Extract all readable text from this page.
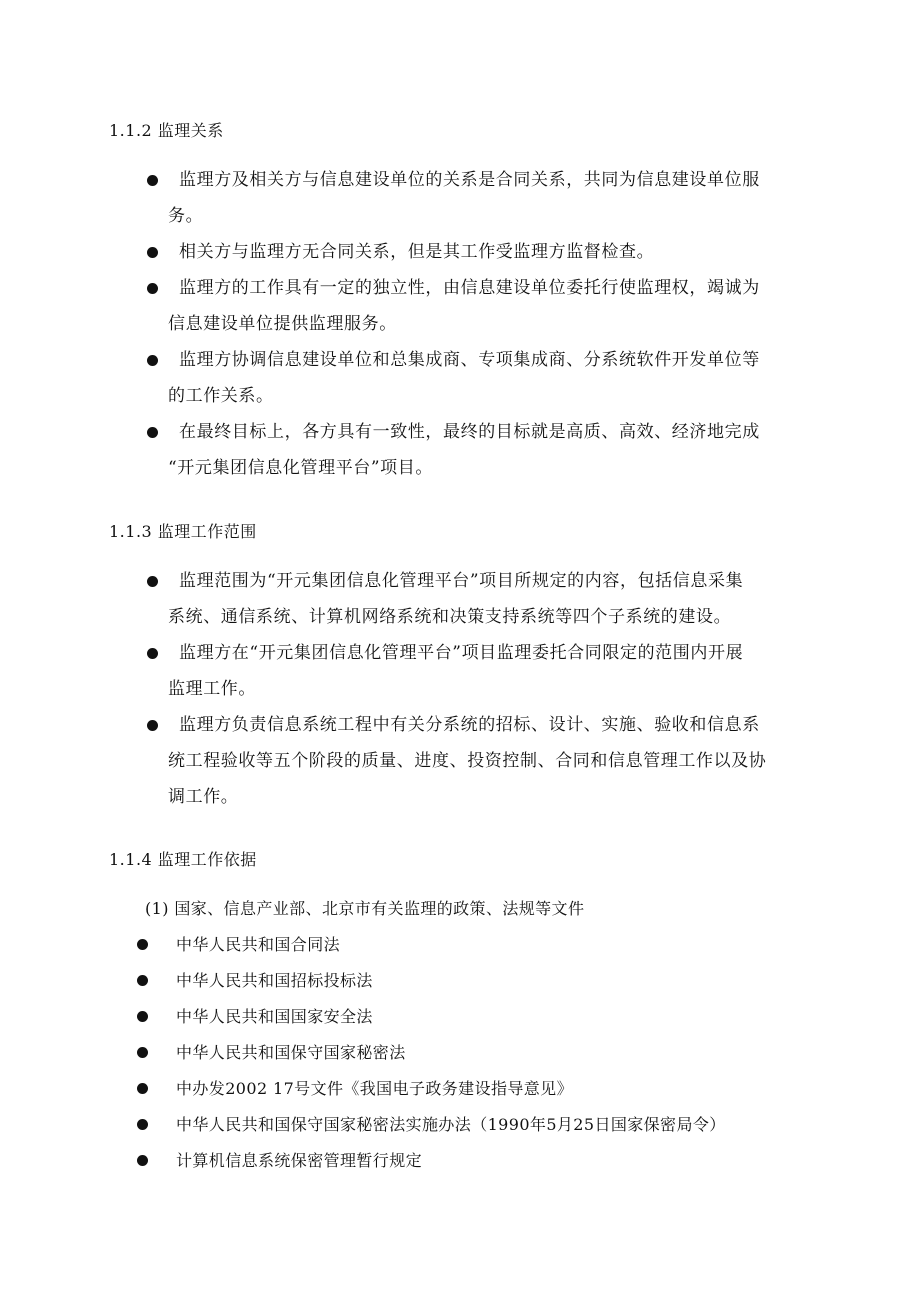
1.1.2 监理关系
监理方及相关方与信息建设单位的关系是合同关系，共同为信息建设单位服
务。
相关方与监理方无合同关系，但是其工作受监理方监督检查。
监理方的工作具有一定的独立性，由信息建设单位委托行使监理权，竭诚为
信息建设单位提供监理服务。
监理方协调信息建设单位和总集成商、专项集成商、分系统软件开发单位等
的工作关系。
在最终目标上，各方具有一致性，最终的目标就是高质、高效、经济地完成
“开元集团信息化管理平台”项目。
1.1.3 监理工作范围
监理范围为“开元集团信息化管理平台”项目所规定的内容，包括信息采集
系统、通信系统、计算机网络系统和决策支持系统等四个子系统的建设。
监理方在“开元集团信息化管理平台”项目监理委托合同限定的范围内开展
监理工作。
监理方负责信息系统工程中有关分系统的招标、设计、实施、验收和信息系
统工程验收等五个阶段的质量、进度、投资控制、合同和信息管理工作以及协
调工作。
1.1.4 监理工作依据
(1) 国家、信息产业部、北京市有关监理的政策、法规等文件
中华人民共和国合同法
中华人民共和国招标投标法
中华人民共和国国家安全法
中华人民共和国保守国家秘密法
中办发2002 17号文件《我国电子政务建设指导意见》
中华人民共和国保守国家秘密法实施办法（1990年5月25日国家保密局令）
计算机信息系统保密管理暂行规定
